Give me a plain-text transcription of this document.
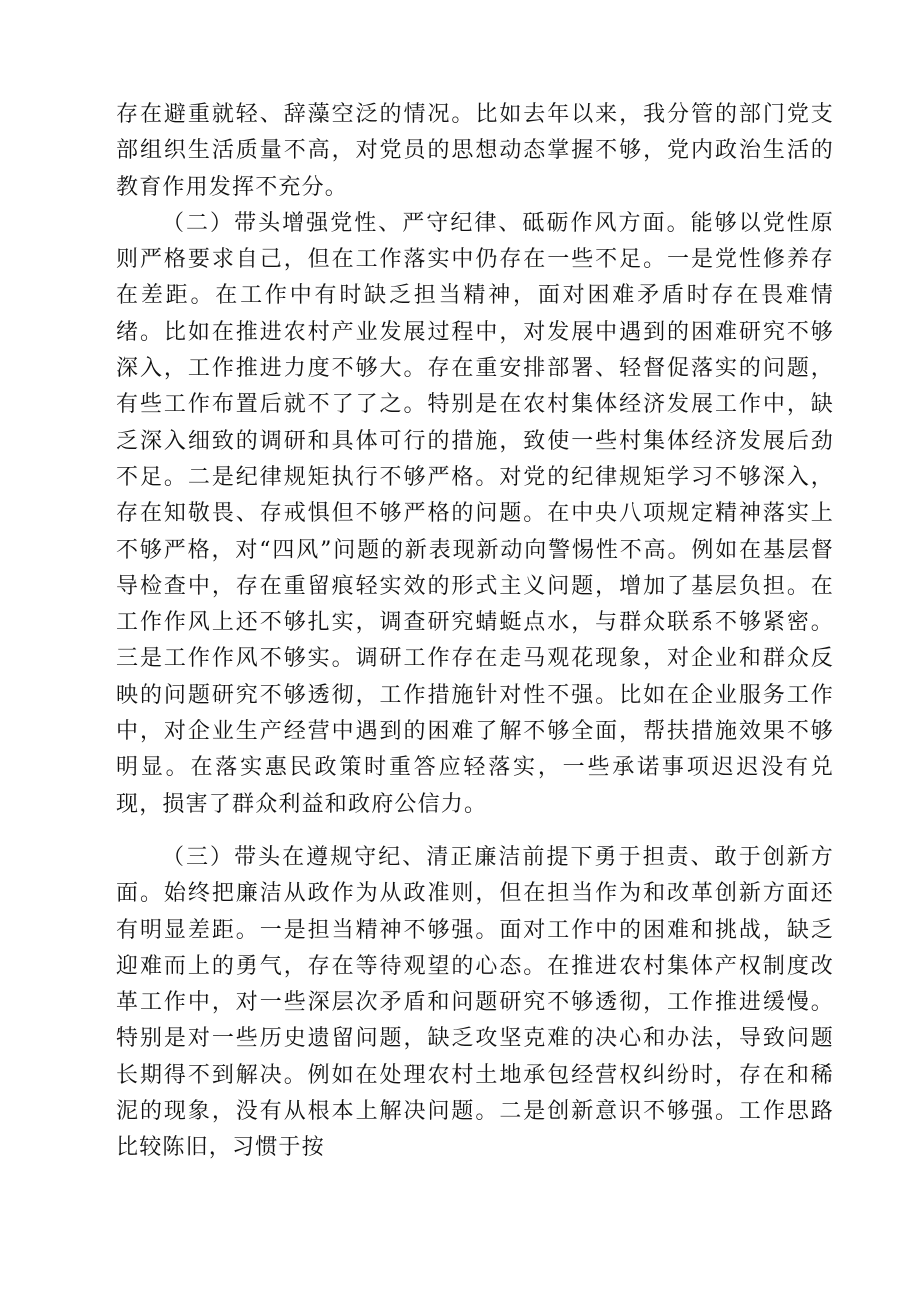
存在避重就轻、辞藻空泛的情况。比如去年以来，我分管的部门党支部组织生活质量不高，对党员的思想动态掌握不够，党内政治生活的教育作用发挥不充分。

（二）带头增强党性、严守纪律、砥砺作风方面。能够以党性原则严格要求自己，但在工作落实中仍存在一些不足。一是党性修养存在差距。在工作中有时缺乏担当精神，面对困难矛盾时存在畏难情绪。比如在推进农村产业发展过程中，对发展中遇到的困难研究不够深入，工作推进力度不够大。存在重安排部署、轻督促落实的问题，有些工作布置后就不了了之。特别是在农村集体经济发展工作中，缺乏深入细致的调研和具体可行的措施，致使一些村集体经济发展后劲不足。二是纪律规矩执行不够严格。对党的纪律规矩学习不够深入，存在知敬畏、存戒惧但不够严格的问题。在中央八项规定精神落实上不够严格，对“四风”问题的新表现新动向警惕性不高。例如在基层督导检查中，存在重留痕轻实效的形式主义问题，增加了基层负担。在工作作风上还不够扎实，调查研究蜻蜓点水，与群众联系不够紧密。三是工作作风不够实。调研工作存在走马观花现象，对企业和群众反映的问题研究不够透彻，工作措施针对性不强。比如在企业服务工作中，对企业生产经营中遇到的困难了解不够全面，帮扶措施效果不够明显。在落实惠民政策时重答应轻落实，一些承诺事项迟迟没有兑现，损害了群众利益和政府公信力。

（三）带头在遵规守纪、清正廉洁前提下勇于担责、敢于创新方面。始终把廉洁从政作为从政准则，但在担当作为和改革创新方面还有明显差距。一是担当精神不够强。面对工作中的困难和挑战，缺乏迎难而上的勇气，存在等待观望的心态。在推进农村集体产权制度改革工作中，对一些深层次矛盾和问题研究不够透彻，工作推进缓慢。特别是对一些历史遗留问题，缺乏攻坚克难的决心和办法，导致问题长期得不到解决。例如在处理农村土地承包经营权纠纷时，存在和稀泥的现象，没有从根本上解决问题。二是创新意识不够强。工作思路比较陈旧，习惯于按
